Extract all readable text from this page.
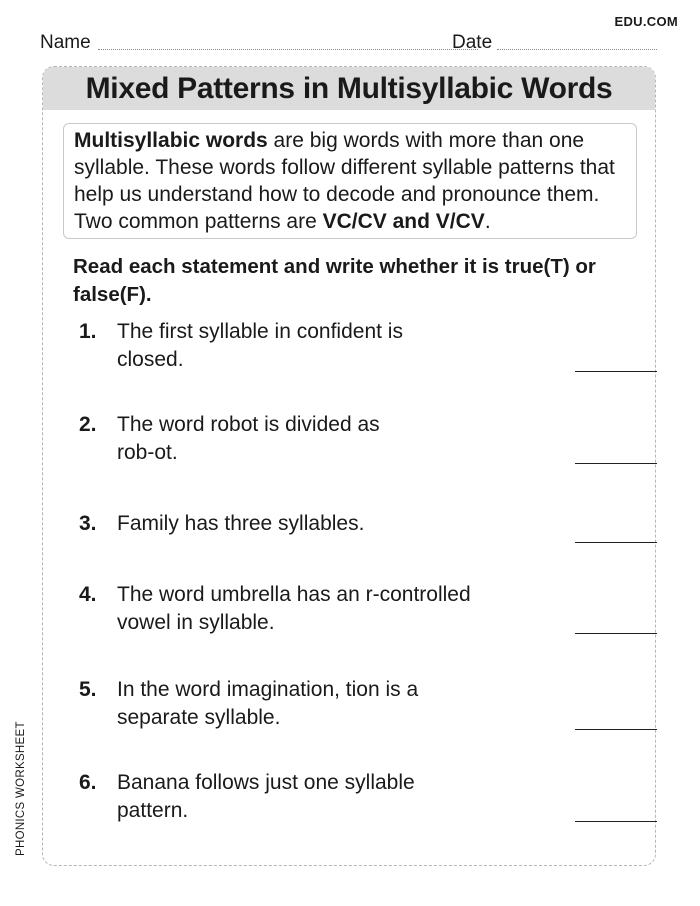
EDU.COM
Name	Date
Mixed Patterns in Multisyllabic Words
Multisyllabic words are big words with more than one syllable. These words follow different syllable patterns that help us understand how to decode and pronounce them. Two common patterns are VC/CV and V/CV.
Read each statement and write whether it is true(T) or false(F).
1. The first syllable in confident is closed.
2. The word robot is divided as rob-ot.
3. Family has three syllables.
4. The word umbrella has an r-controlled vowel in syllable.
5. In the word imagination, tion is a separate syllable.
6. Banana follows just one syllable pattern.
PHONICS WORKSHEET
